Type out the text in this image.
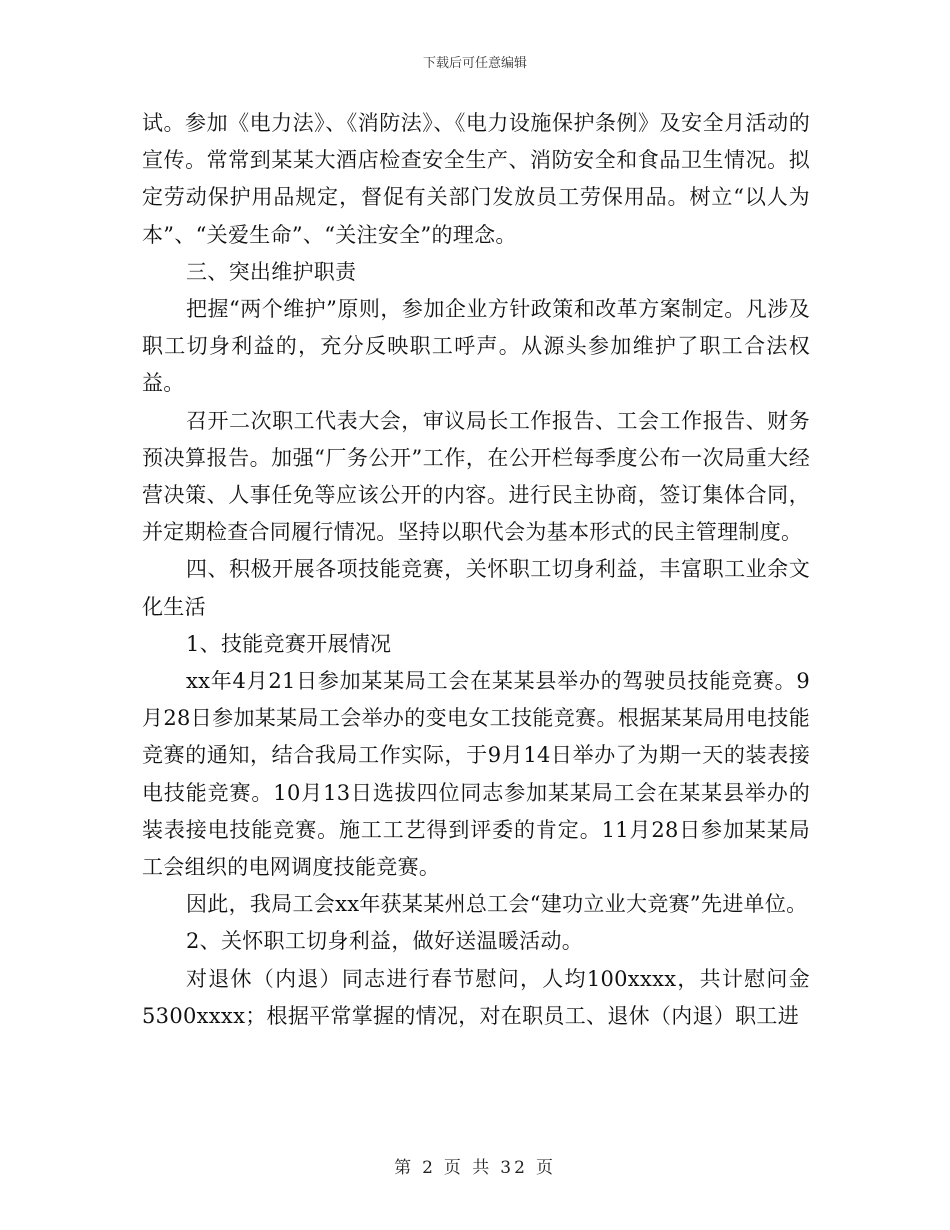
下载后可任意编辑

试。参加《电力法》、《消防法》、《电力设施保护条例》及安全月活动的宣传。常常到某某大酒店检查安全生产、消防安全和食品卫生情况。拟定劳动保护用品规定，督促有关部门发放员工劳保用品。树立“以人为本”、“关爱生命”、“关注安全”的理念。

三、突出维护职责

把握“两个维护”原则，参加企业方针政策和改革方案制定。凡涉及职工切身利益的，充分反映职工呼声。从源头参加维护了职工合法权益。

召开二次职工代表大会，审议局长工作报告、工会工作报告、财务预决算报告。加强“厂务公开”工作，在公开栏每季度公布一次局重大经营决策、人事任免等应该公开的内容。进行民主协商，签订集体合同，并定期检查合同履行情况。坚持以职代会为基本形式的民主管理制度。

四、积极开展各项技能竞赛，关怀职工切身利益，丰富职工业余文化生活

1、技能竞赛开展情况

xx年4月21日参加某某局工会在某某县举办的驾驶员技能竞赛。9月28日参加某某局工会举办的变电女工技能竞赛。根据某某局用电技能竞赛的通知，结合我局工作实际，于9月14日举办了为期一天的装表接电技能竞赛。10月13日选拔四位同志参加某某局工会在某某县举办的装表接电技能竞赛。施工工艺得到评委的肯定。11月28日参加某某局工会组织的电网调度技能竞赛。

因此，我局工会xx年获某某州总工会“建功立业大竞赛”先进单位。

2、关怀职工切身利益，做好送温暖活动。

对退休（内退）同志进行春节慰问，人均100xxxx，共计慰问金5300xxxx；根据平常掌握的情况，对在职员工、退休（内退）职工进

第 2 页 共 32 页
